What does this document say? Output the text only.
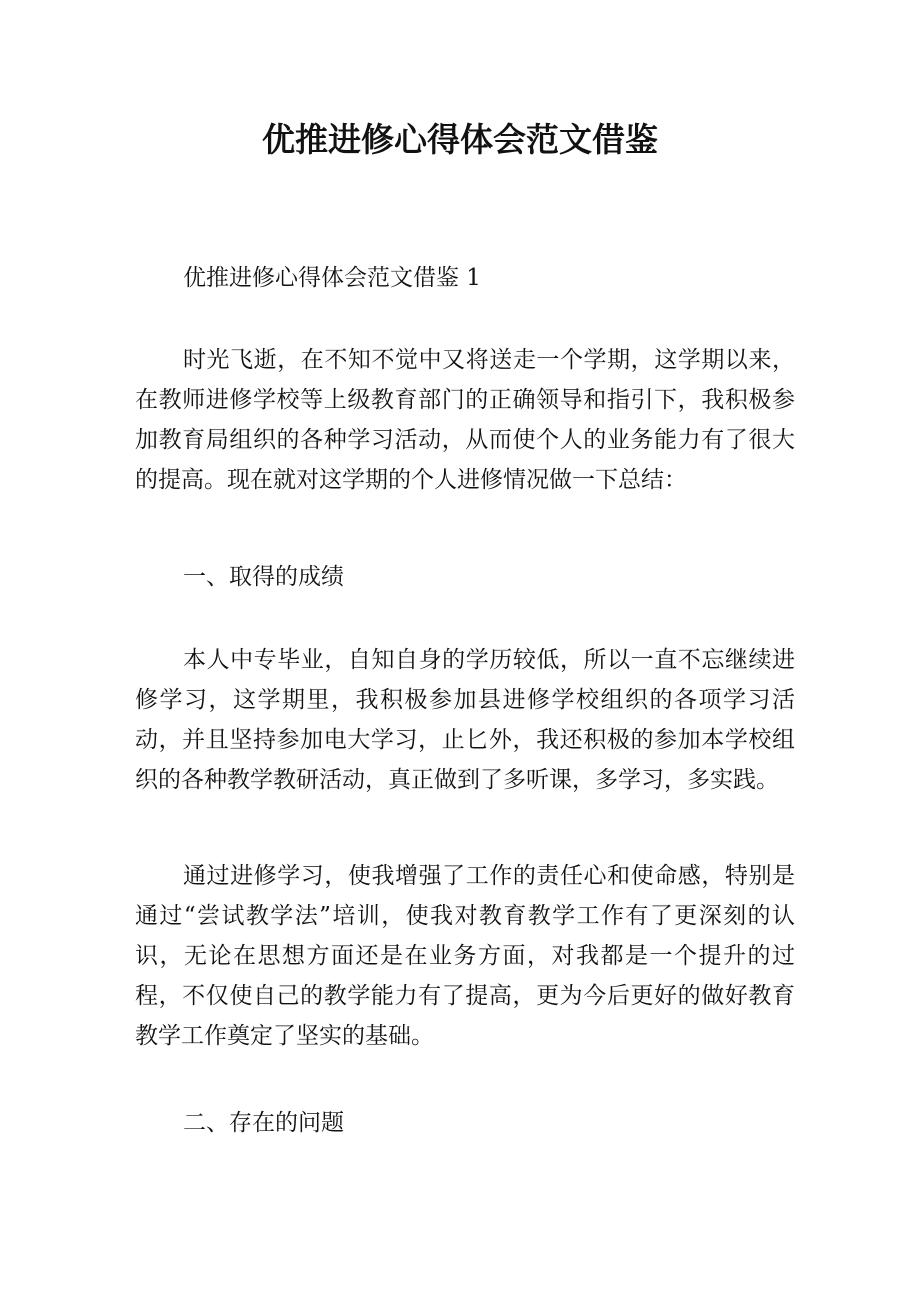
优推进修心得体会范文借鉴

优推进修心得体会范文借鉴 1

时光飞逝，在不知不觉中又将送走一个学期，这学期以来，在教师进修学校等上级教育部门的正确领导和指引下，我积极参加教育局组织的各种学习活动，从而使个人的业务能力有了很大的提高。现在就对这学期的个人进修情况做一下总结：

一、取得的成绩

本人中专毕业，自知自身的学历较低，所以一直不忘继续进修学习，这学期里，我积极参加县进修学校组织的各项学习活动，并且坚持参加电大学习，止匕外，我还积极的参加本学校组织的各种教学教研活动，真正做到了多听课，多学习，多实践。

通过进修学习，使我增强了工作的责任心和使命感，特别是通过“尝试教学法”培训，使我对教育教学工作有了更深刻的认识，无论在思想方面还是在业务方面，对我都是一个提升的过程，不仅使自己的教学能力有了提高，更为今后更好的做好教育教学工作奠定了坚实的基础。

二、存在的问题
